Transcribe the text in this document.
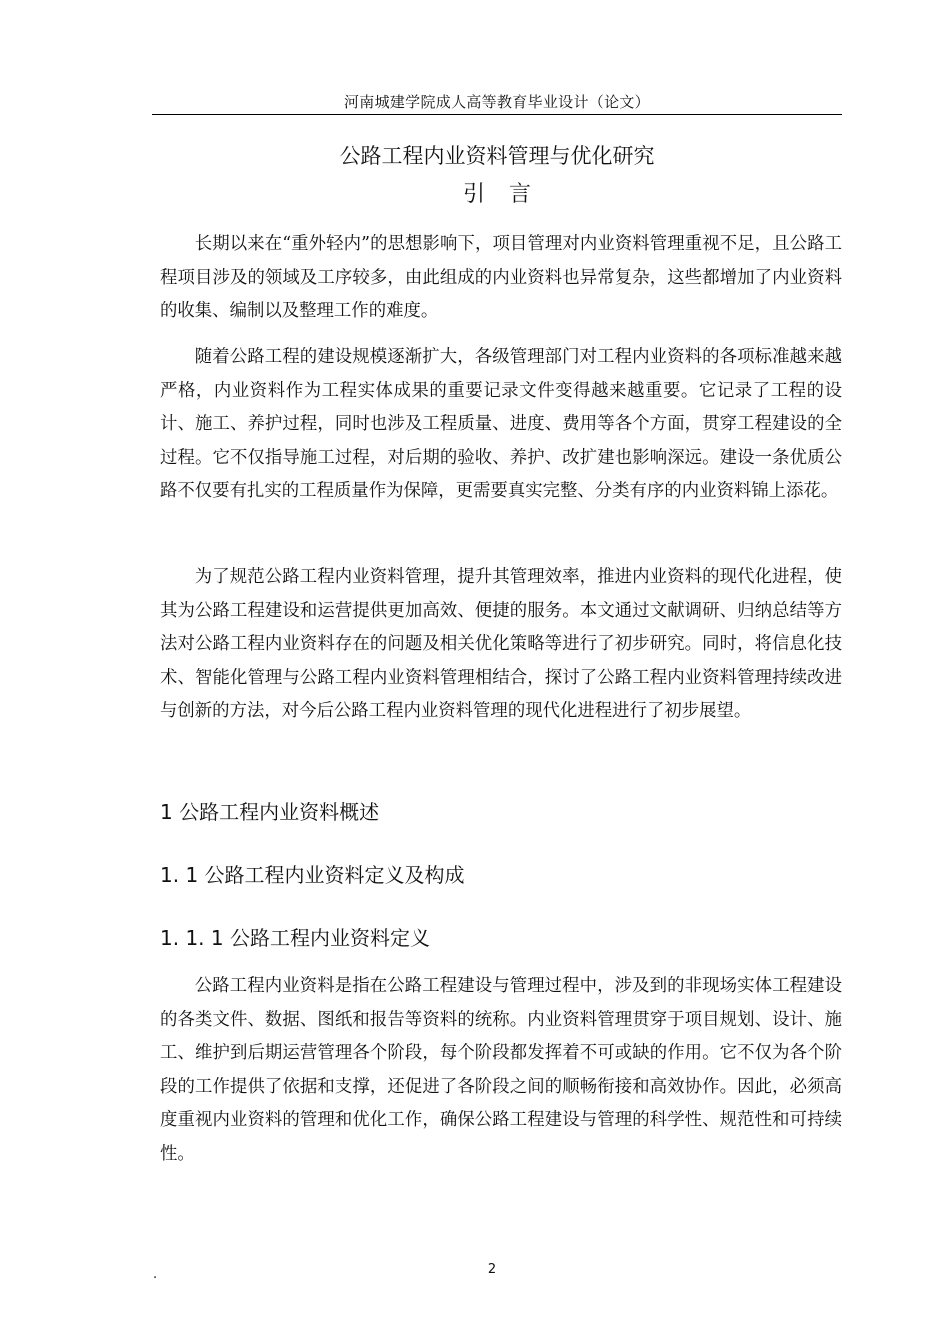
河南城建学院成人高等教育毕业设计（论文）
公路工程内业资料管理与优化研究
引言

长期以来在“重外轻内”的思想影响下，项目管理对内业资料管理重视不足，且公路工程项目涉及的领域及工序较多，由此组成的内业资料也异常复杂，这些都增加了内业资料的收集、编制以及整理工作的难度。

随着公路工程的建设规模逐渐扩大，各级管理部门对工程内业资料的各项标准越来越严格，内业资料作为工程实体成果的重要记录文件变得越来越重要。它记录了工程的设计、施工、养护过程，同时也涉及工程质量、进度、费用等各个方面，贯穿工程建设的全过程。它不仅指导施工过程，对后期的验收、养护、改扩建也影响深远。建设一条优质公路不仅要有扎实的工程质量作为保障，更需要真实完整、分类有序的内业资料锦上添花。

为了规范公路工程内业资料管理，提升其管理效率，推进内业资料的现代化进程，使其为公路工程建设和运营提供更加高效、便捷的服务。本文通过文献调研、归纳总结等方法对公路工程内业资料存在的问题及相关优化策略等进行了初步研究。同时，将信息化技术、智能化管理与公路工程内业资料管理相结合，探讨了公路工程内业资料管理持续改进与创新的方法，对今后公路工程内业资料管理的现代化进程进行了初步展望。

1 公路工程内业资料概述
1. 1 公路工程内业资料定义及构成
1. 1. 1 公路工程内业资料定义

公路工程内业资料是指在公路工程建设与管理过程中，涉及到的非现场实体工程建设的各类文件、数据、图纸和报告等资料的统称。内业资料管理贯穿于项目规划、设计、施工、维护到后期运营管理各个阶段，每个阶段都发挥着不可或缺的作用。它不仅为各个阶段的工作提供了依据和支撑，还促进了各阶段之间的顺畅衔接和高效协作。因此，必须高度重视内业资料的管理和优化工作，确保公路工程建设与管理的科学性、规范性和可持续性。

.	2
